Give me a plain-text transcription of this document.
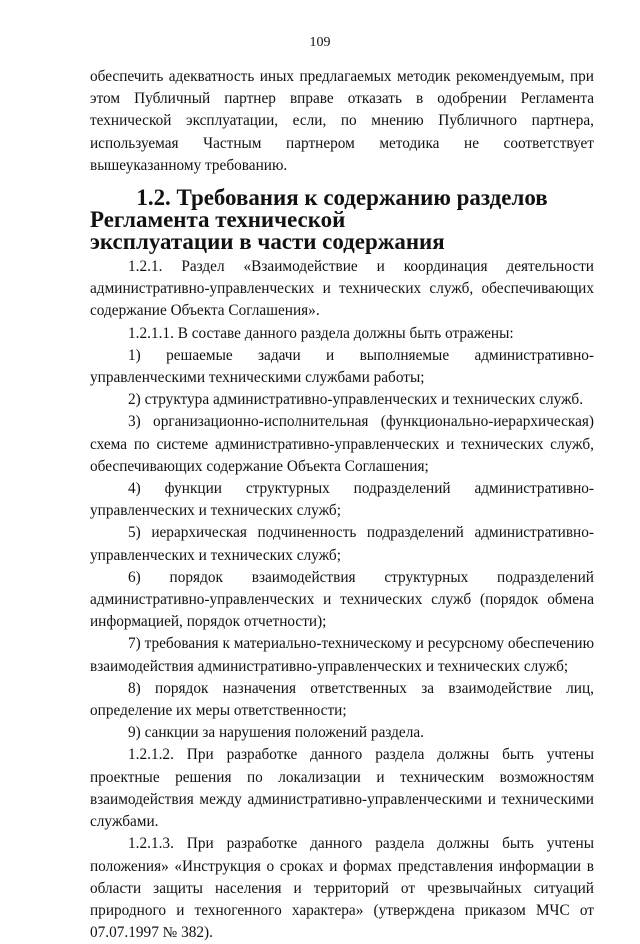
109

обеспечить адекватность иных предлагаемых методик рекомендуемым, при этом Публичный партнер вправе отказать в одобрении Регламента технической эксплуатации, если, по мнению Публичного партнера, используемая Частным партнером методика не соответствует вышеуказанному требованию.

1.2. Требования к содержанию разделов Регламента технической
эксплуатации в части содержания

1.2.1. Раздел «Взаимодействие и координация деятельности административно-управленческих и технических служб, обеспечивающих содержание Объекта Соглашения».

1.2.1.1. В составе данного раздела должны быть отражены:

1) решаемые задачи и выполняемые административно-управленческими техническими службами работы;

2) структура административно-управленческих и технических служб.

3) организационно-исполнительная (функционально-иерархическая) схема по системе административно-управленческих и технических служб, обеспечивающих содержание Объекта Соглашения;

4) функции структурных подразделений административно-управленческих и технических служб;

5) иерархическая подчиненность подразделений административно-управленческих и технических служб;

6) порядок взаимодействия структурных подразделений административно-управленческих и технических служб (порядок обмена информацией, порядок отчетности);

7) требования к материально-техническому и ресурсному обеспечению взаимодействия административно-управленческих и технических служб;

8) порядок назначения ответственных за взаимодействие лиц, определение их меры ответственности;

9) санкции за нарушения положений раздела.

1.2.1.2. При разработке данного раздела должны быть учтены проектные решения по локализации и техническим возможностям взаимодействия между административно-управленческими и техническими службами.

1.2.1.3. При разработке данного раздела должны быть учтены положения» «Инструкция о сроках и формах представления информации в области защиты населения и территорий от чрезвычайных ситуаций природного и техногенного характера» (утверждена приказом МЧС от 07.07.1997 № 382).
